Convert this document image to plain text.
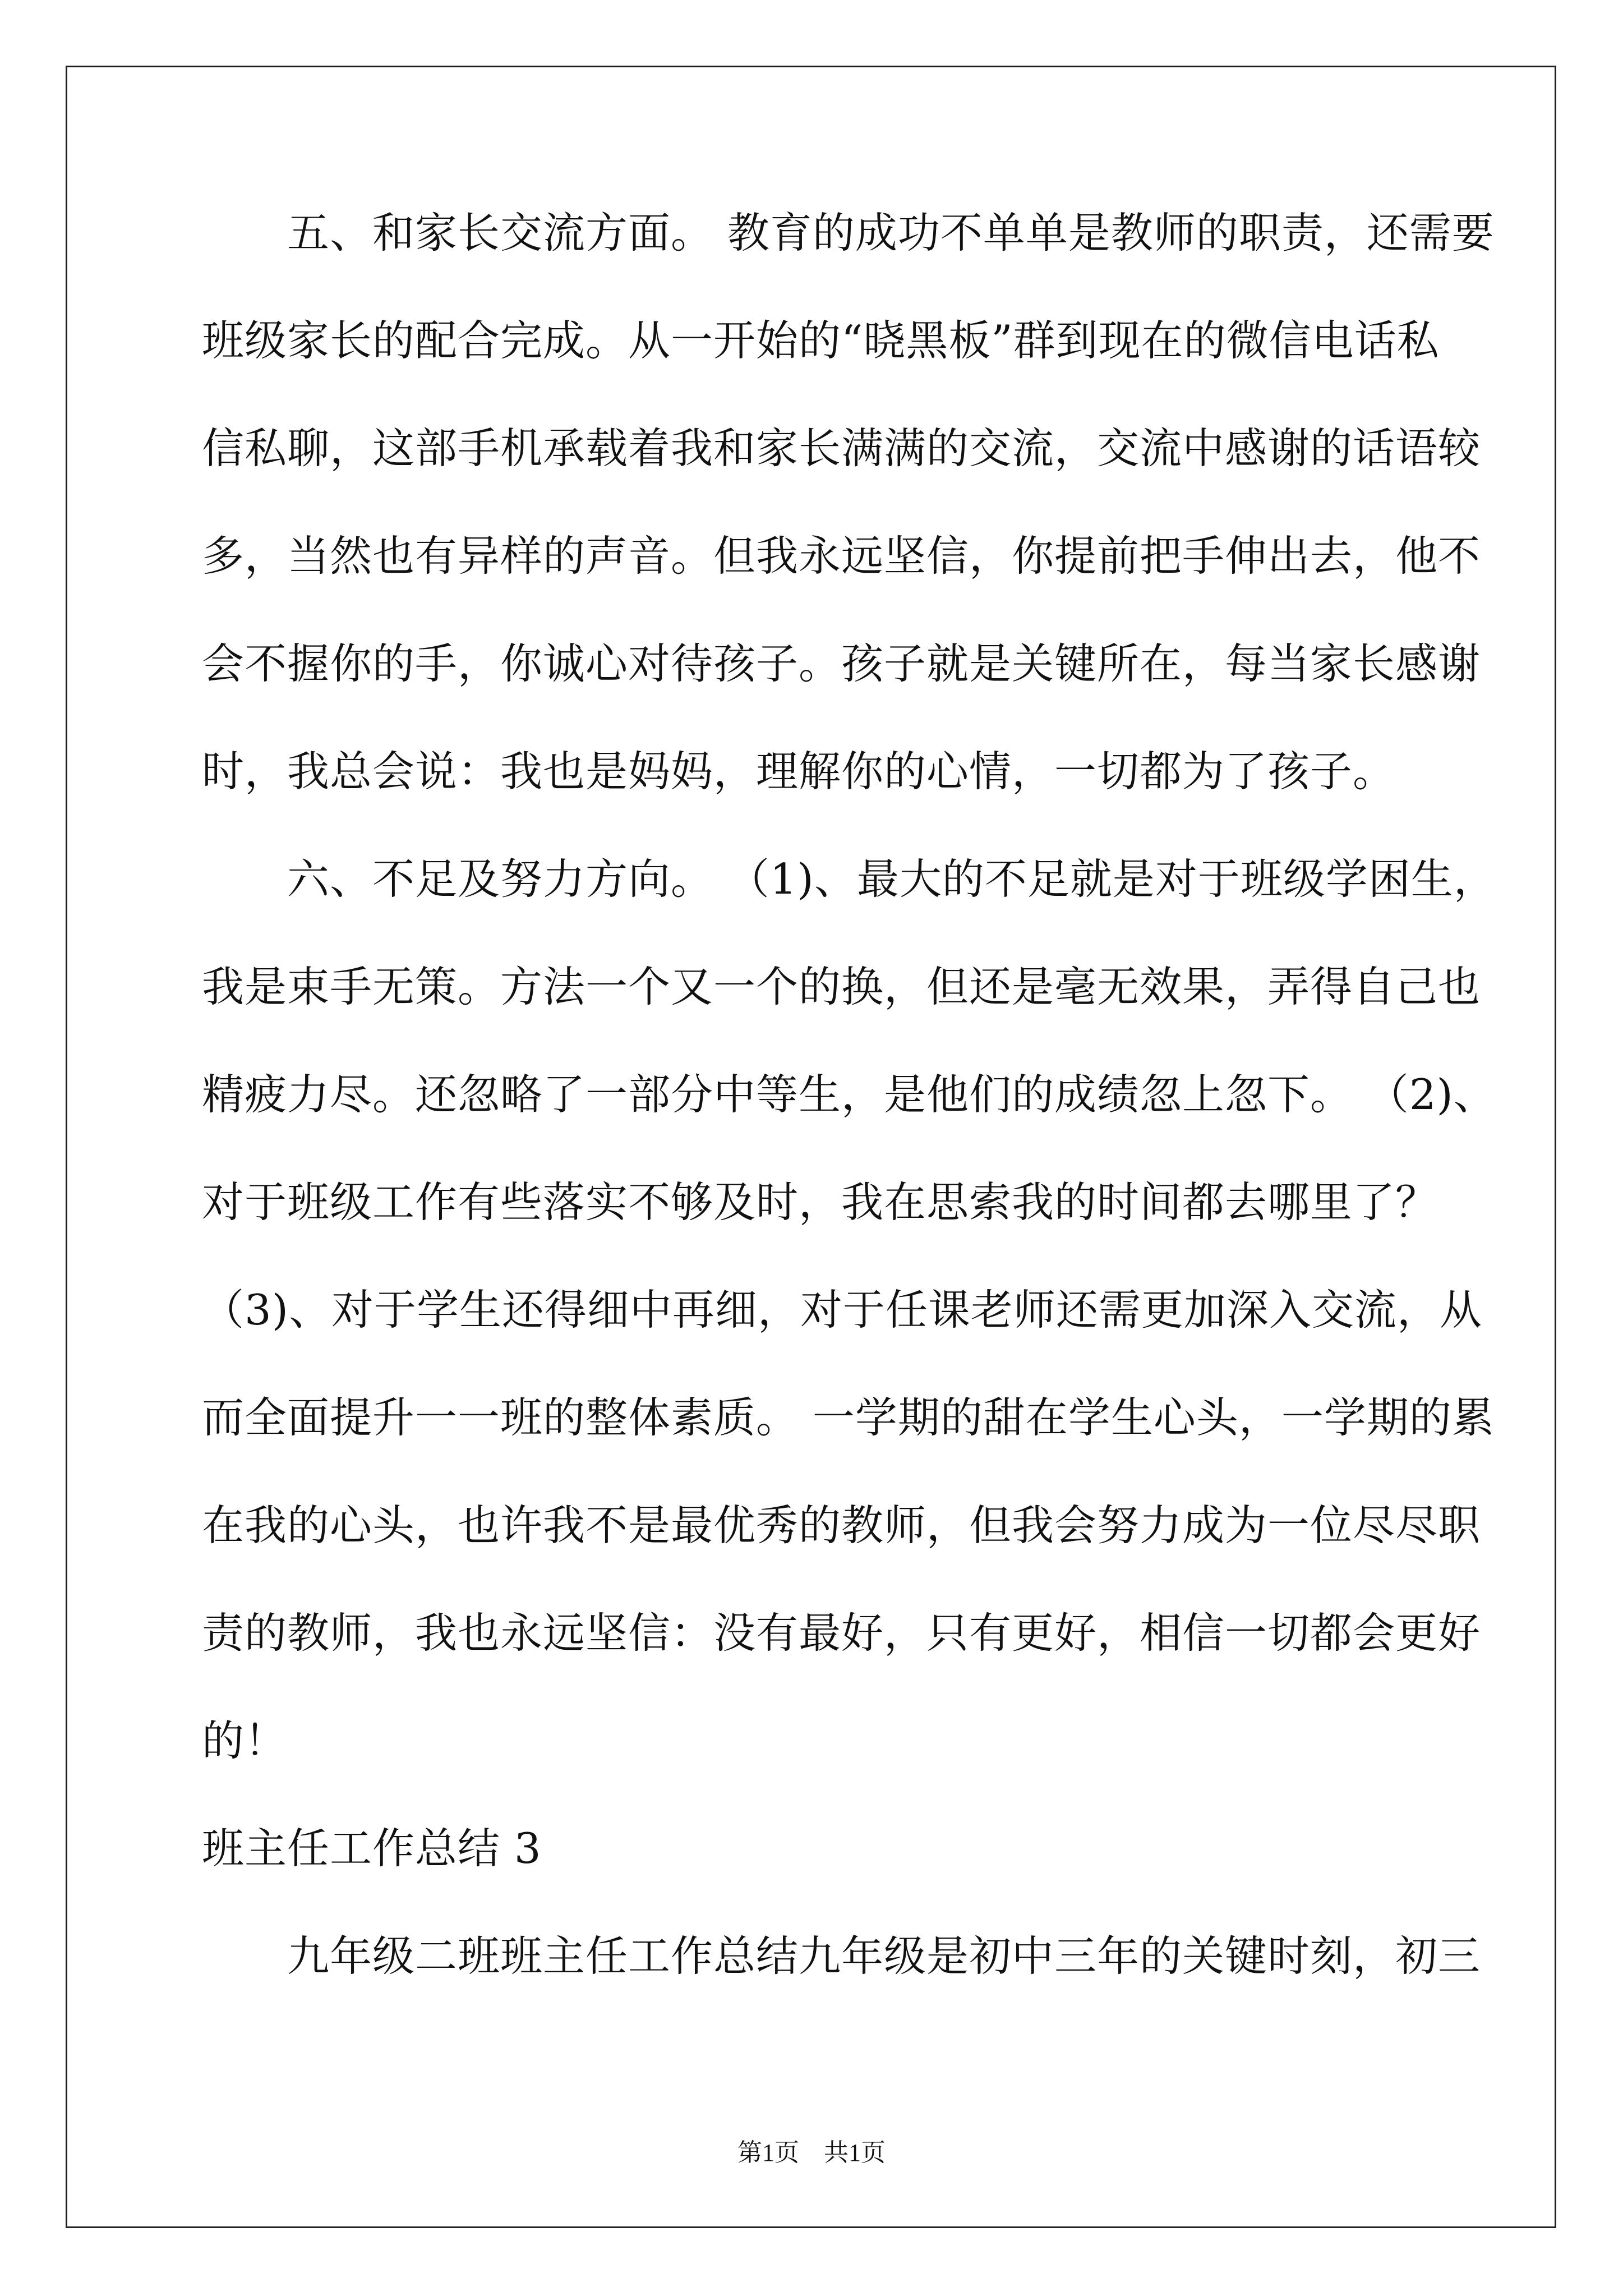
　　五、和家长交流方面。 教育的成功不单单是教师的职责，还需要
班级家长的配合完成。从一开始的“晓黑板”群到现在的微信电话私
信私聊，这部手机承载着我和家长满满的交流，交流中感谢的话语较
多，当然也有异样的声音。但我永远坚信，你提前把手伸出去，他不
会不握你的手，你诚心对待孩子。孩子就是关键所在，每当家长感谢
时，我总会说：我也是妈妈，理解你的心情，一切都为了孩子。
　　六、不足及努力方向。 （1)、最大的不足就是对于班级学困生，
我是束手无策。方法一个又一个的换，但还是毫无效果，弄得自己也
精疲力尽。还忽略了一部分中等生，是他们的成绩忽上忽下。 （2)、
对于班级工作有些落实不够及时，我在思索我的时间都去哪里了？
（3)、对于学生还得细中再细，对于任课老师还需更加深入交流，从
而全面提升一一班的整体素质。 一学期的甜在学生心头，一学期的累
在我的心头，也许我不是最优秀的教师，但我会努力成为一位尽尽职
责的教师，我也永远坚信：没有最好，只有更好，相信一切都会更好
的！
班主任工作总结 3
　　九年级二班班主任工作总结九年级是初中三年的关键时刻，初三
第1页　共1页
